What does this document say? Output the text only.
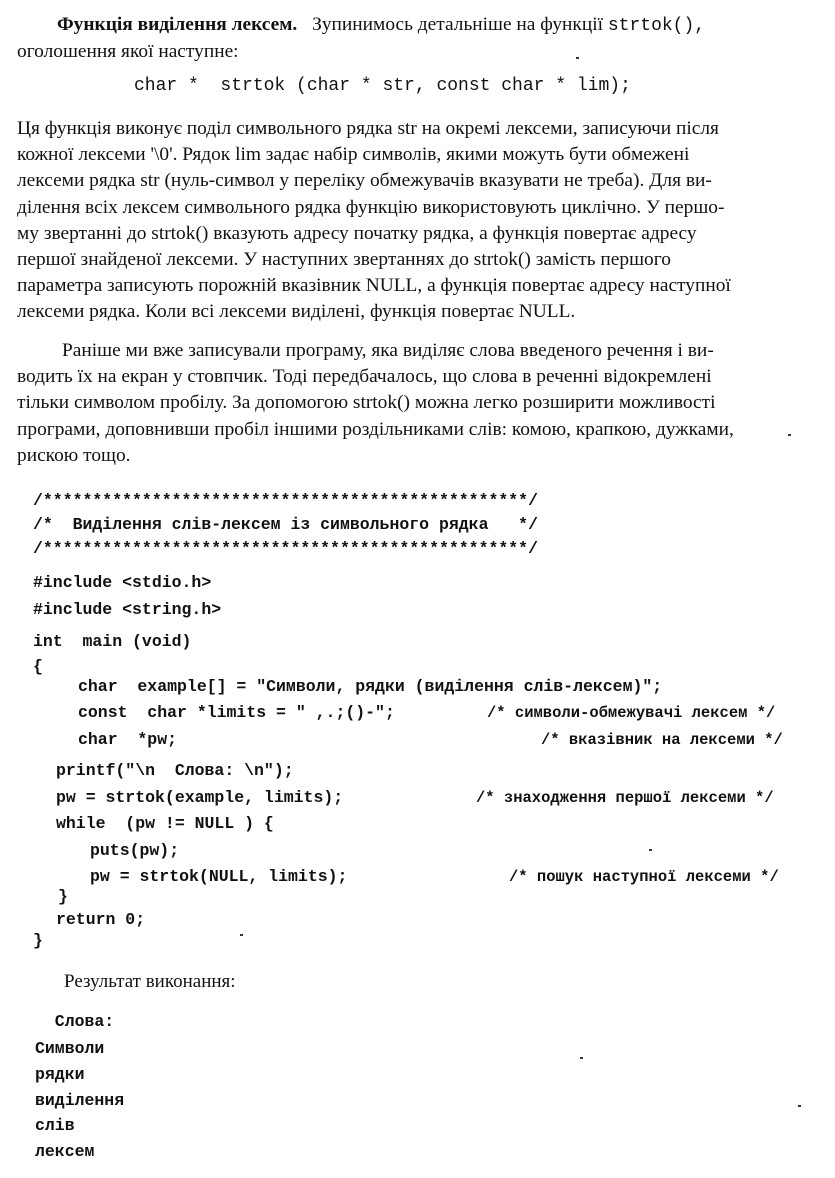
Функція виділення лексем. Зупинимось детальніше на функції strtok(),
оголошення якої наступне:
char *  strtok (char * str, const char * lim);
Ця функція виконує поділ символьного рядка str на окремі лексеми, записуючи після
кожної лексеми '\0'. Рядок lim задає набір символів, якими можуть бути обмежені
лексеми рядка str (нуль-символ у переліку обмежувачів вказувати не треба). Для ви-
ділення всіх лексем символьного рядка функцію використовують циклічно. У першо-
му звертанні до strtok() вказують адресу початку рядка, а функція повертає адресу
першої знайденої лексеми. У наступних звертаннях до strtok() замість першого
параметра записують порожній вказівник NULL, а функція повертає адресу наступної
лексеми рядка. Коли всі лексеми виділені, функція повертає NULL.
Раніше ми вже записували програму, яка виділяє слова введеного речення і ви-
водить їх на екран у стовпчик. Тоді передбачалось, що слова в реченні відокремлені
тільки символом пробілу. За допомогою strtok() можна легко розширити можливості
програми, доповнивши пробіл іншими роздільниками слів: комою, крапкою, дужками,
рискою тощо.
/*************************************************/
/*  Виділення слів-лексем із символьного рядка   */
/*************************************************/
#include <stdio.h>
#include <string.h>
int  main (void)
{
char  example[] = "Символи, рядки (виділення слів-лексем)";
const  char *limits = " ,.;()-";	/* символи-обмежувачі лексем */
char  *pw;	/* вказівник на лексеми */
printf("\n  Слова: \n");
pw = strtok(example, limits);	/* знаходження першої лексеми */
while  (pw != NULL ) {
puts(pw);
pw = strtok(NULL, limits);	/* пошук наступної лексеми */
}
return 0;
}
Результат виконання:
Слова:
Символи
рядки
виділення
слів
лексем
